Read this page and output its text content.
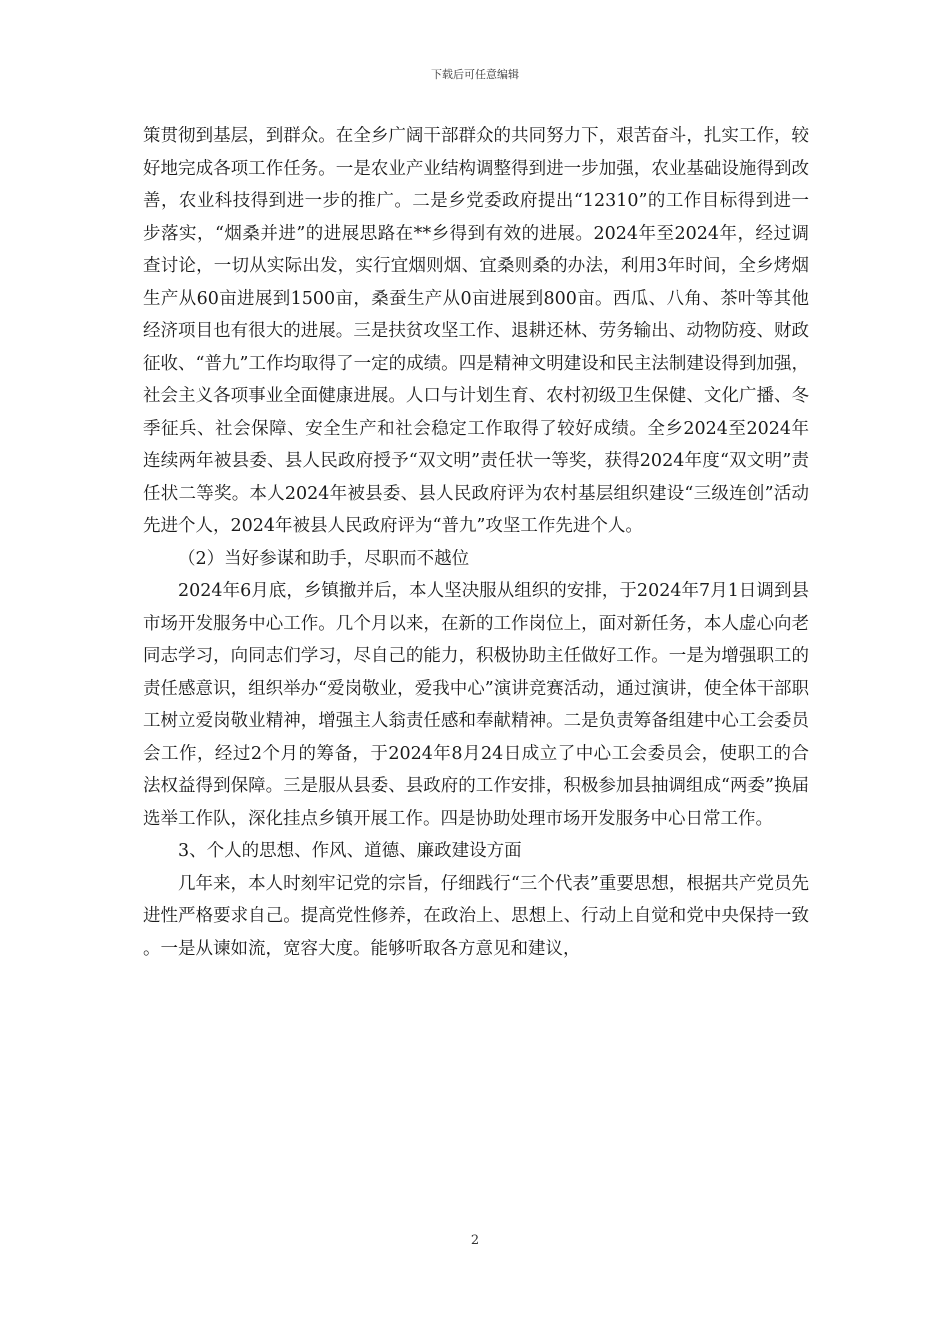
下载后可任意编辑

策贯彻到基层，到群众。在全乡广阔干部群众的共同努力下，艰苦奋斗，扎实工作，较好地完成各项工作任务。一是农业产业结构调整得到进一步加强，农业基础设施得到改善，农业科技得到进一步的推广。二是乡党委政府提出“12310”的工作目标得到进一步落实，“烟桑并进”的进展思路在**乡得到有效的进展。2024年至2024年，经过调查讨论，一切从实际出发，实行宜烟则烟、宜桑则桑的办法，利用3年时间，全乡烤烟生产从60亩进展到1500亩，桑蚕生产从0亩进展到800亩。西瓜、八角、茶叶等其他经济项目也有很大的进展。三是扶贫攻坚工作、退耕还林、劳务输出、动物防疫、财政征收、“普九”工作均取得了一定的成绩。四是精神文明建设和民主法制建设得到加强，社会主义各项事业全面健康进展。人口与计划生育、农村初级卫生保健、文化广播、冬季征兵、社会保障、安全生产和社会稳定工作取得了较好成绩。全乡2024至2024年连续两年被县委、县人民政府授予“双文明”责任状一等奖，获得2024年度“双文明”责任状二等奖。本人2024年被县委、县人民政府评为农村基层组织建设“三级连创”活动先进个人，2024年被县人民政府评为“普九”攻坚工作先进个人。

（2）当好参谋和助手，尽职而不越位

2024年6月底，乡镇撤并后，本人坚决服从组织的安排，于2024年7月1日调到县市场开发服务中心工作。几个月以来，在新的工作岗位上，面对新任务，本人虚心向老同志学习，向同志们学习，尽自己的能力，积极协助主任做好工作。一是为增强职工的责任感意识，组织举办“爱岗敬业，爱我中心”演讲竞赛活动，通过演讲，使全体干部职工树立爱岗敬业精神，增强主人翁责任感和奉献精神。二是负责筹备组建中心工会委员会工作，经过2个月的筹备，于2024年8月24日成立了中心工会委员会，使职工的合法权益得到保障。三是服从县委、县政府的工作安排，积极参加县抽调组成“两委”换届选举工作队，深化挂点乡镇开展工作。四是协助处理市场开发服务中心日常工作。

3、个人的思想、作风、道德、廉政建设方面

几年来，本人时刻牢记党的宗旨，仔细践行“三个代表”重要思想，根据共产党员先进性严格要求自己。提高党性修养，在政治上、思想上、行动上自觉和党中央保持一致。一是从谏如流，宽容大度。能够听取各方意见和建议，

2
